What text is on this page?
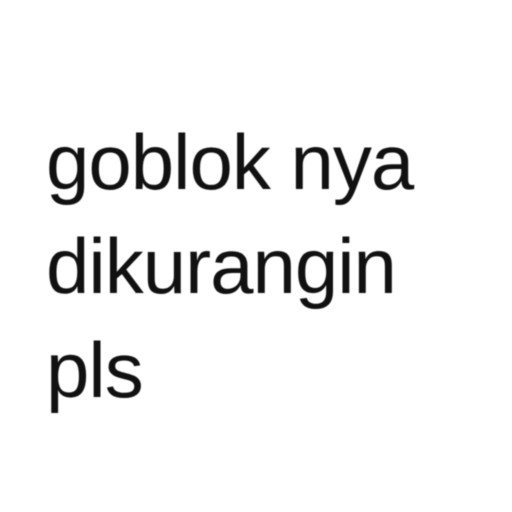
goblok nya
dikurangin
pls
